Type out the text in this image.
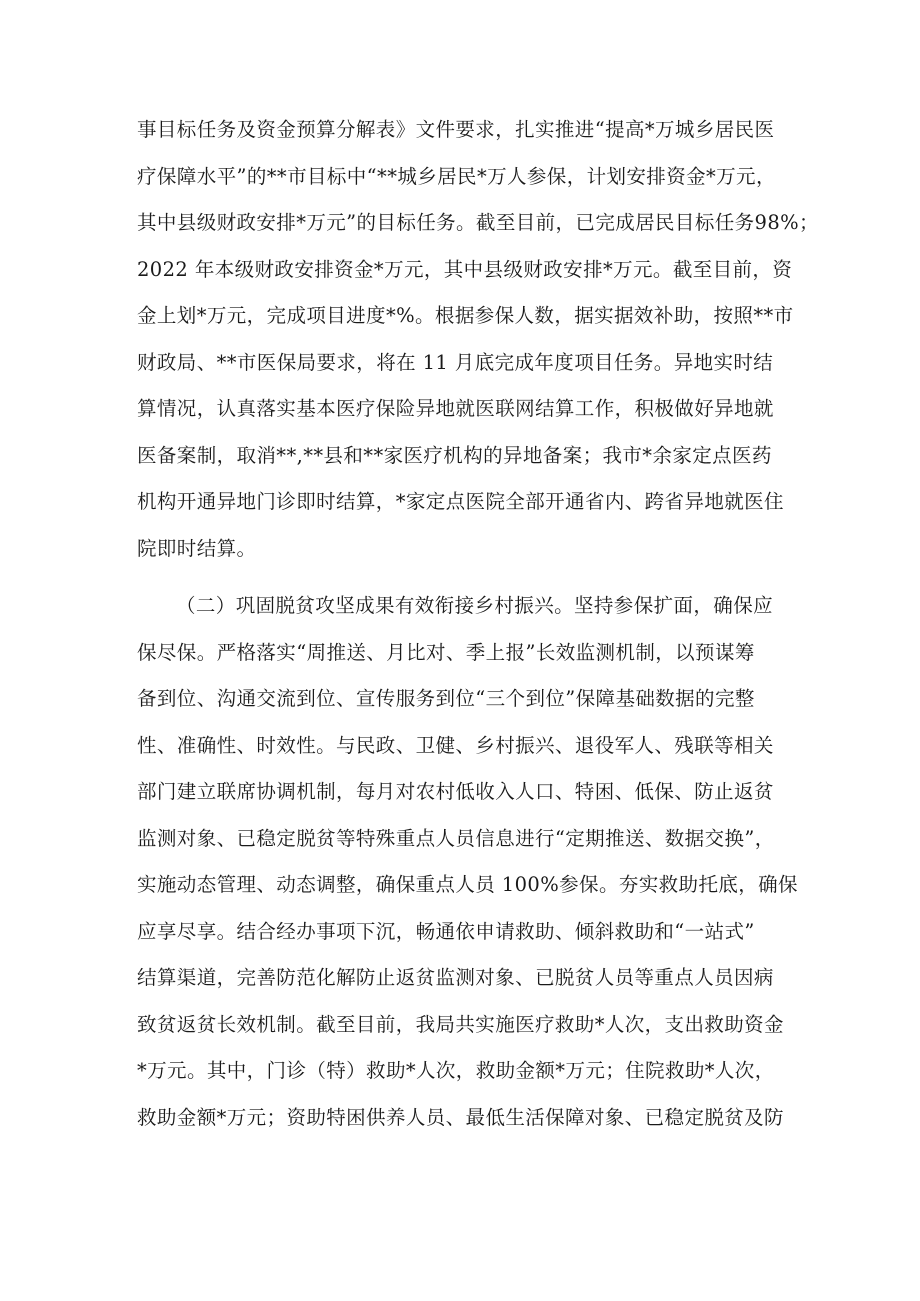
事目标任务及资金预算分解表》文件要求，扎实推进“提高*万城乡居民医
疗保障水平”的**市目标中“**城乡居民*万人参保，计划安排资金*万元，
其中县级财政安排*万元”的目标任务。截至目前，已完成居民目标任务98%；
2022 年本级财政安排资金*万元，其中县级财政安排*万元。截至目前，资
金上划*万元，完成项目进度*%。根据参保人数，据实据效补助，按照**市
财政局、**市医保局要求，将在 11 月底完成年度项目任务。异地实时结
算情况，认真落实基本医疗保险异地就医联网结算工作，积极做好异地就
医备案制，取消**,**县和**家医疗机构的异地备案；我市*余家定点医药
机构开通异地门诊即时结算，*家定点医院全部开通省内、跨省异地就医住
院即时结算。
（二）巩固脱贫攻坚成果有效衔接乡村振兴。坚持参保扩面，确保应
保尽保。严格落实“周推送、月比对、季上报”长效监测机制，以预谋筹
备到位、沟通交流到位、宣传服务到位“三个到位”保障基础数据的完整
性、准确性、时效性。与民政、卫健、乡村振兴、退役军人、残联等相关
部门建立联席协调机制，每月对农村低收入人口、特困、低保、防止返贫
监测对象、已稳定脱贫等特殊重点人员信息进行“定期推送、数据交换”，
实施动态管理、动态调整，确保重点人员 100%参保。夯实救助托底，确保
应享尽享。结合经办事项下沉，畅通依申请救助、倾斜救助和“一站式”
结算渠道，完善防范化解防止返贫监测对象、已脱贫人员等重点人员因病
致贫返贫长效机制。截至目前，我局共实施医疗救助*人次，支出救助资金
*万元。其中，门诊（特）救助*人次，救助金额*万元；住院救助*人次，
救助金额*万元；资助特困供养人员、最低生活保障对象、已稳定脱贫及防
